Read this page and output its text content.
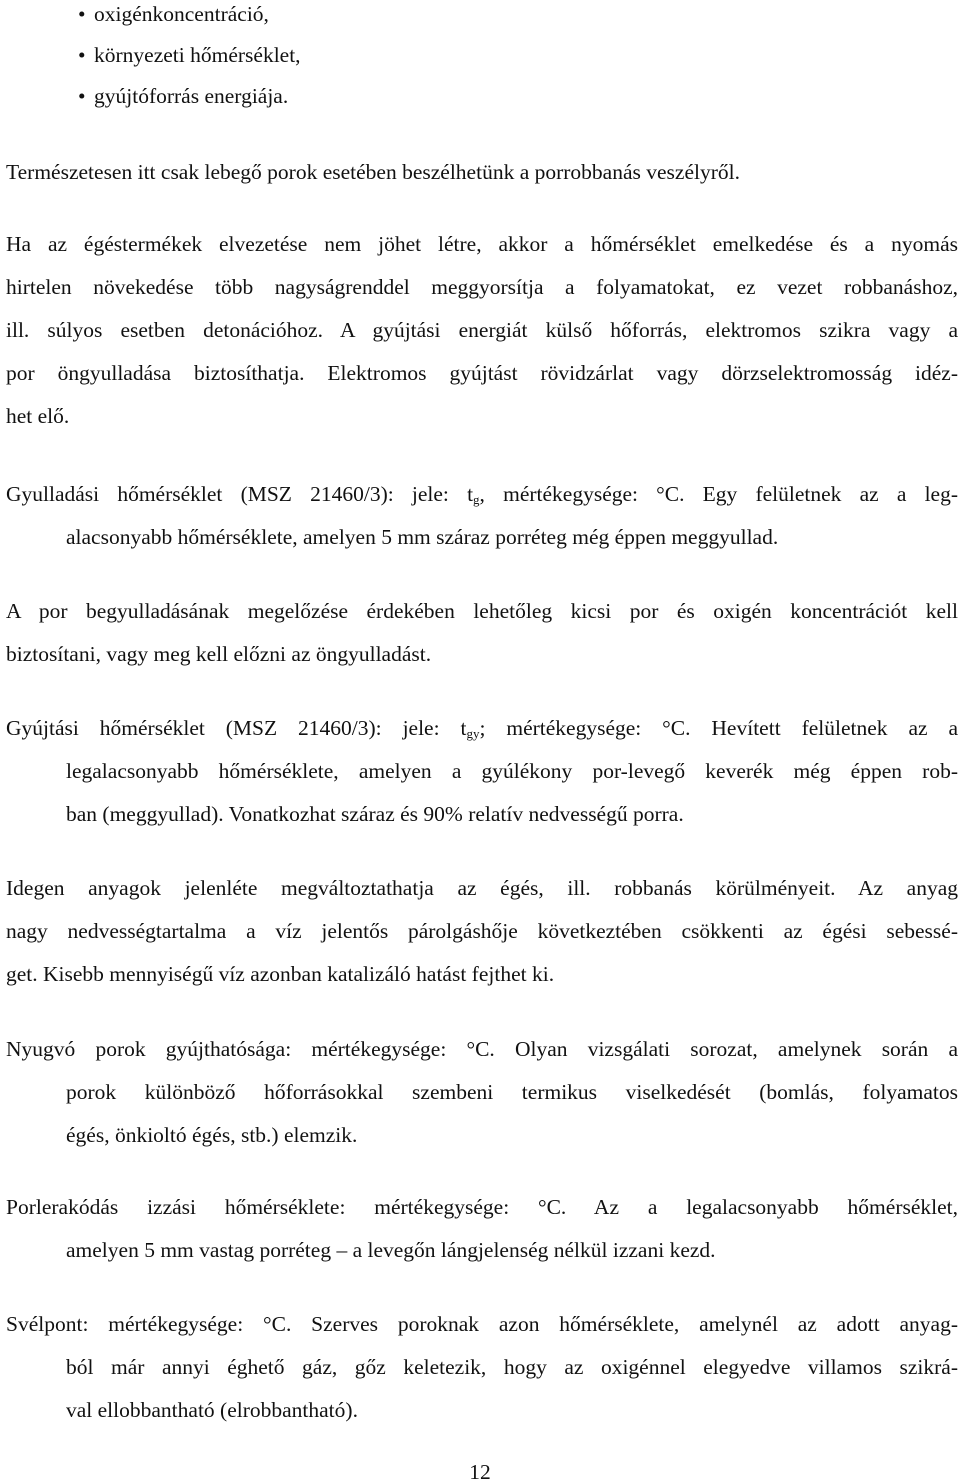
• oxigénkoncentráció,
• környezeti hőmérséklet,
• gyújtóforrás energiája.

Természetesen itt csak lebegő porok esetében beszélhetünk a porrobbanás veszélyről.

Ha az égéstermékek elvezetése nem jöhet létre, akkor a hőmérséklet emelkedése és a nyomás
hirtelen növekedése több nagyságrenddel meggyorsítja a folyamatokat, ez vezet robbanáshoz,
ill. súlyos esetben detonációhoz. A gyújtási energiát külső hőforrás, elektromos szikra vagy a
por öngyulladása biztosíthatja. Elektromos gyújtást rövidzárlat vagy dörzselektromosság idéz-
het elő.
Gyulladási hőmérséklet (MSZ 21460/3): jele: $t_g$, mértékegysége: °C. Egy felületnek az a leg-
alacsonyabb hőmérséklete, amelyen 5 mm száraz porréteg még éppen meggyullad.
A por begyulladásának megelőzése érdekében lehetőleg kicsi por és oxigén koncentrációt kell
biztosítani, vagy meg kell előzni az öngyulladást.
Gyújtási hőmérséklet (MSZ 21460/3): jele: $t_{gy}$; mértékegysége: °C. Hevített felületnek az a
legalacsonyabb hőmérséklete, amelyen a gyúlékony por-levegő keverék még éppen rob-
ban (meggyullad). Vonatkozhat száraz és 90% relatív nedvességű porra.
Idegen anyagok jelenléte megváltoztathatja az égés, ill. robbanás körülményeit. Az anyag
nagy nedvességtartalma a víz jelentős párolgáshője következtében csökkenti az égési sebessé-
get. Kisebb mennyiségű víz azonban katalizáló hatást fejthet ki.
Nyugvó porok gyújthatósága: mértékegysége: °C. Olyan vizsgálati sorozat, amelynek során a
porok különböző hőforrásokkal szembeni termikus viselkedését (bomlás, folyamatos
égés, önkioltó égés, stb.) elemzik.
Porlerakódás izzási hőmérséklete: mértékegysége: °C. Az a legalacsonyabb hőmérséklet,
amelyen 5 mm vastag porréteg – a levegőn lángjelenség nélkül izzani kezd.
Svélpont: mértékegysége: °C. Szerves poroknak azon hőmérséklete, amelynél az adott anyag-
ból már annyi éghető gáz, gőz keletezik, hogy az oxigénnel elegyedve villamos szikrá-
val ellobbantható (elrobbantható).
12
